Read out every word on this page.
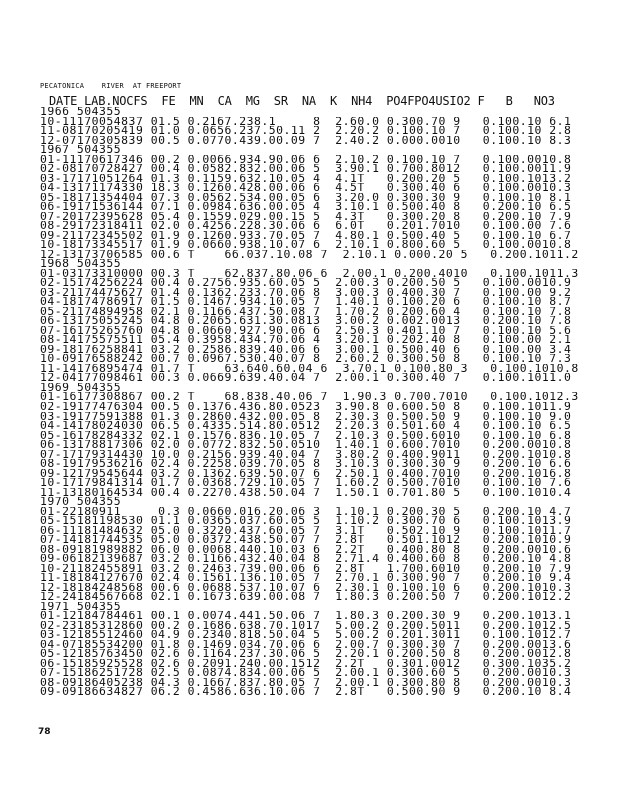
PECATONICA    RIVER  AT FREEPORT
DATE LAB.NOCFS  FE  MN  CA  MG  SR  NA  K  NH4  PO4FPO4USIO2 F   B   NO3
1966 504355
10-11170054837 01.5 0.2167.238.1     8  2.60.0 0.300.70 9   0.100.10 6.1
11-08170205419 01.0 0.0656.237.50.11 2  2.20.2 0.100.10 7   0.100.10 2.8
12-07170305839 00.5 0.0770.439.00.09 7  2.40.2 0.000.0010   0.100.10 8.3
1967 504355
01-11170617346 00.2 0.0066.934.90.06 6  2.10.2 0.100.10 7   0.100.0010.8
02-08170728427 00.4 0.0582.832.00.06 5  3.90.1 0.700.8012   0.100.0011.9
03-17171051264 01.3 0.1159.632.10.05 4  4.1T   0.200.20 5   0.100.1013.2
04-13171174330 18.3 0.1260.428.00.06 6  4.5T   0.300.40 6   0.100.0010.3
05-18171354404 07.3 0.0562.534.00.05 6  3.20.0 0.300.30 9   0.100.10 8.1
06-19171536144 07.1 0.0984.636.00.05 4  3.10.1 0.500.40 8   0.200.10 6.5
07-20172395628 05.4 0.1559.029.00.15 5  4.3T   0.300.20 8   0.200.10 7.9
08-29172318411 02.0 0.4256.228.30.06 6  6.0T   0.201.7010   0.100.00 7.6
09-21172345502 01.9 0.1260.933.70.05 7  4.80.1 0.500.40 5   0.100.10 6.7
10-18173345517 01.9 0.0660.938.10.07 6  2.10.1 0.800.60 5   0.100.0010.8
12-13173706585 00.6 T    66.037.10.08 7  2.10.1 0.000.20 5   0.200.1011.2
1968 504355
01-03173310000 00.3 T    62.837.80.06 6  2.00.1 0.200.4010   0.100.1011.3
02-15174256224 00.4 0.2756.935.60.05 5  2.00.3 0.200.50 5   0.100.0010.9
03-21174475627 01.4 0.1362.233.70.06 8  3.00.3 0.400.30 7   0.100.00 9.2
04-18174786917 01.5 0.1467.934.10.05 7  1.40.1 0.100.20 6   0.100.10 8.7
05-21174894958 02.1 0.1166.437.50.08 7  1.70.2 0.200.60 4   0.100.10 7.8
06-13175055245 04.8 0.2065.631.30.0813  3.00.2 0.002.0013   0.200.10 7.8
07-16175265760 04.8 0.0660.927.90.06 6  2.50.3 0.401.10 7   0.100.10 5.6
08-14175575511 05.4 0.3958.434.70.06 4  3.20.1 0.202.40 8   0.100.00 2.1
09-18176258841 03.2 0.2586.839.40.06 6  3.00.1 0.500.40 6   0.100.00 3.4
10-09176588242 00.7 0.0967.530.40.07 8  2.60.2 0.300.50 8   0.100.10 7.3
11-14176895474 01.7 T    63.640.60.04 6  3.70.1 0.100.80 3   0.100.1010.8
12-04177098461 00.3 0.0669.639.40.04 7  2.00.1 0.300.40 7   0.100.1011.0
1969 504355
01-16177308867 00.2 T    68.838.40.06 7  1.90.3 0.700.7010   0.100.1012.3
02-19177476304 00.5 0.1376.436.80.0523  3.90.8 0.600.50 8   0.100.1011.9
03-19177591388 01.3 0.2860.432.00.05 8  2.30.3 0.500.50 9   0.100.10 9.0
04-14178024030 06.5 0.4335.514.80.0512  2.20.3 0.501.60 4   0.100.10 6.5
05-16178284332 02.1 0.1576.836.10.05 7  2.10.3 0.500.6010   0.100.10 6.8
06-13178817306 02.0 0.0772.832.50.0510  1.40.1 0.600.7010   0.200.0010.8
07-17179314430 10.0 0.2156.939.40.04 7  3.80.2 0.400.9011   0.200.1010.8
08-19179536216 02.4 0.2258.039.70.05 8  3.10.3 0.300.30 9   0.200.10 6.6
09-12179545644 03.2 0.1362.639.50.07 6  2.50.1 0.400.7010   0.200.1016.8
10-17179841314 01.7 0.0368.729.10.05 7  1.60.2 0.500.7010   0.100.10 7.6
11-13180164534 00.4 0.2270.438.50.04 7  1.50.1 0.701.80 5   0.100.1010.4
1970 504355
01-22180911     0.3 0.0660.016.20.06 3  1.10.1 0.200.30 5   0.200.10 4.7
05-15181198530 01.1 0.0365.037.60.05 5  1.10.2 0.300.70 6   0.100.1013.9
06-11181484632 05.0 0.3220.437.60.05 7  3.1T   0.502.10 9   0.100.1011.7
07-14181744535 05.0 0.0372.438.50.07 7  2.8T   0.501.1012   0.200.1010.9
08-09181989882 06.0 0.0068.440.10.03 6  2.2T   0.400.80 8   0.200.0010.6
09-06182139687 03.2 0.1166.432.40.04 8  2.71.4 0.400.60 8   0.200.10 4.8
10-21182455891 03.2 0.2463.739.00.06 6  2.8T   1.700.6010   0.200.10 7.9
11-18184127670 02.4 0.1561.136.10.05 7  2.70.1 0.300.90 7   0.200.10 9.4
12-18184248568 00.6 0.0688.537.10.07 6  2.30.1 0.100.10 6   0.200.1010.3
12-24184567668 02.1 0.1673.639.00.08 7  1.80.3 0.200.50 7   0.200.1012.2
1971 504355
01-12184784461 00.1 0.0074.441.50.06 7  1.80.3 0.200.30 9   0.200.1013.1
02-23185312860 00.2 0.1686.638.70.1017  5.00.2 0.200.5011   0.200.1012.5
03-12185512460 04.9 0.2340.818.50.04 5  5.00.2 0.201.3011   0.100.1012.7
04-07185534200 01.8 0.1469.034.70.06 6  2.00.7 0.300.30 7   0.200.0013.6
05-12185763450 02.6 0.1164.237.30.06 5  2.20.1 0.200.50 8   0.200.0012.8
06-15185925528 02.6 0.2091.240.00.1512  2.2T   0.301.0012   0.300.1035.2
07-15186251728 02.5 0.0874.834.00.06 5  2.00.1 0.300.60 5   0.200.0010.3
08-09186405238 04.3 0.1667.837.80.05 7  2.00.1 0.300.80 8   0.200.0010.3
09-09186634827 06.2 0.4586.636.10.06 7  2.8T   0.500.90 9   0.200.10 8.4
78
